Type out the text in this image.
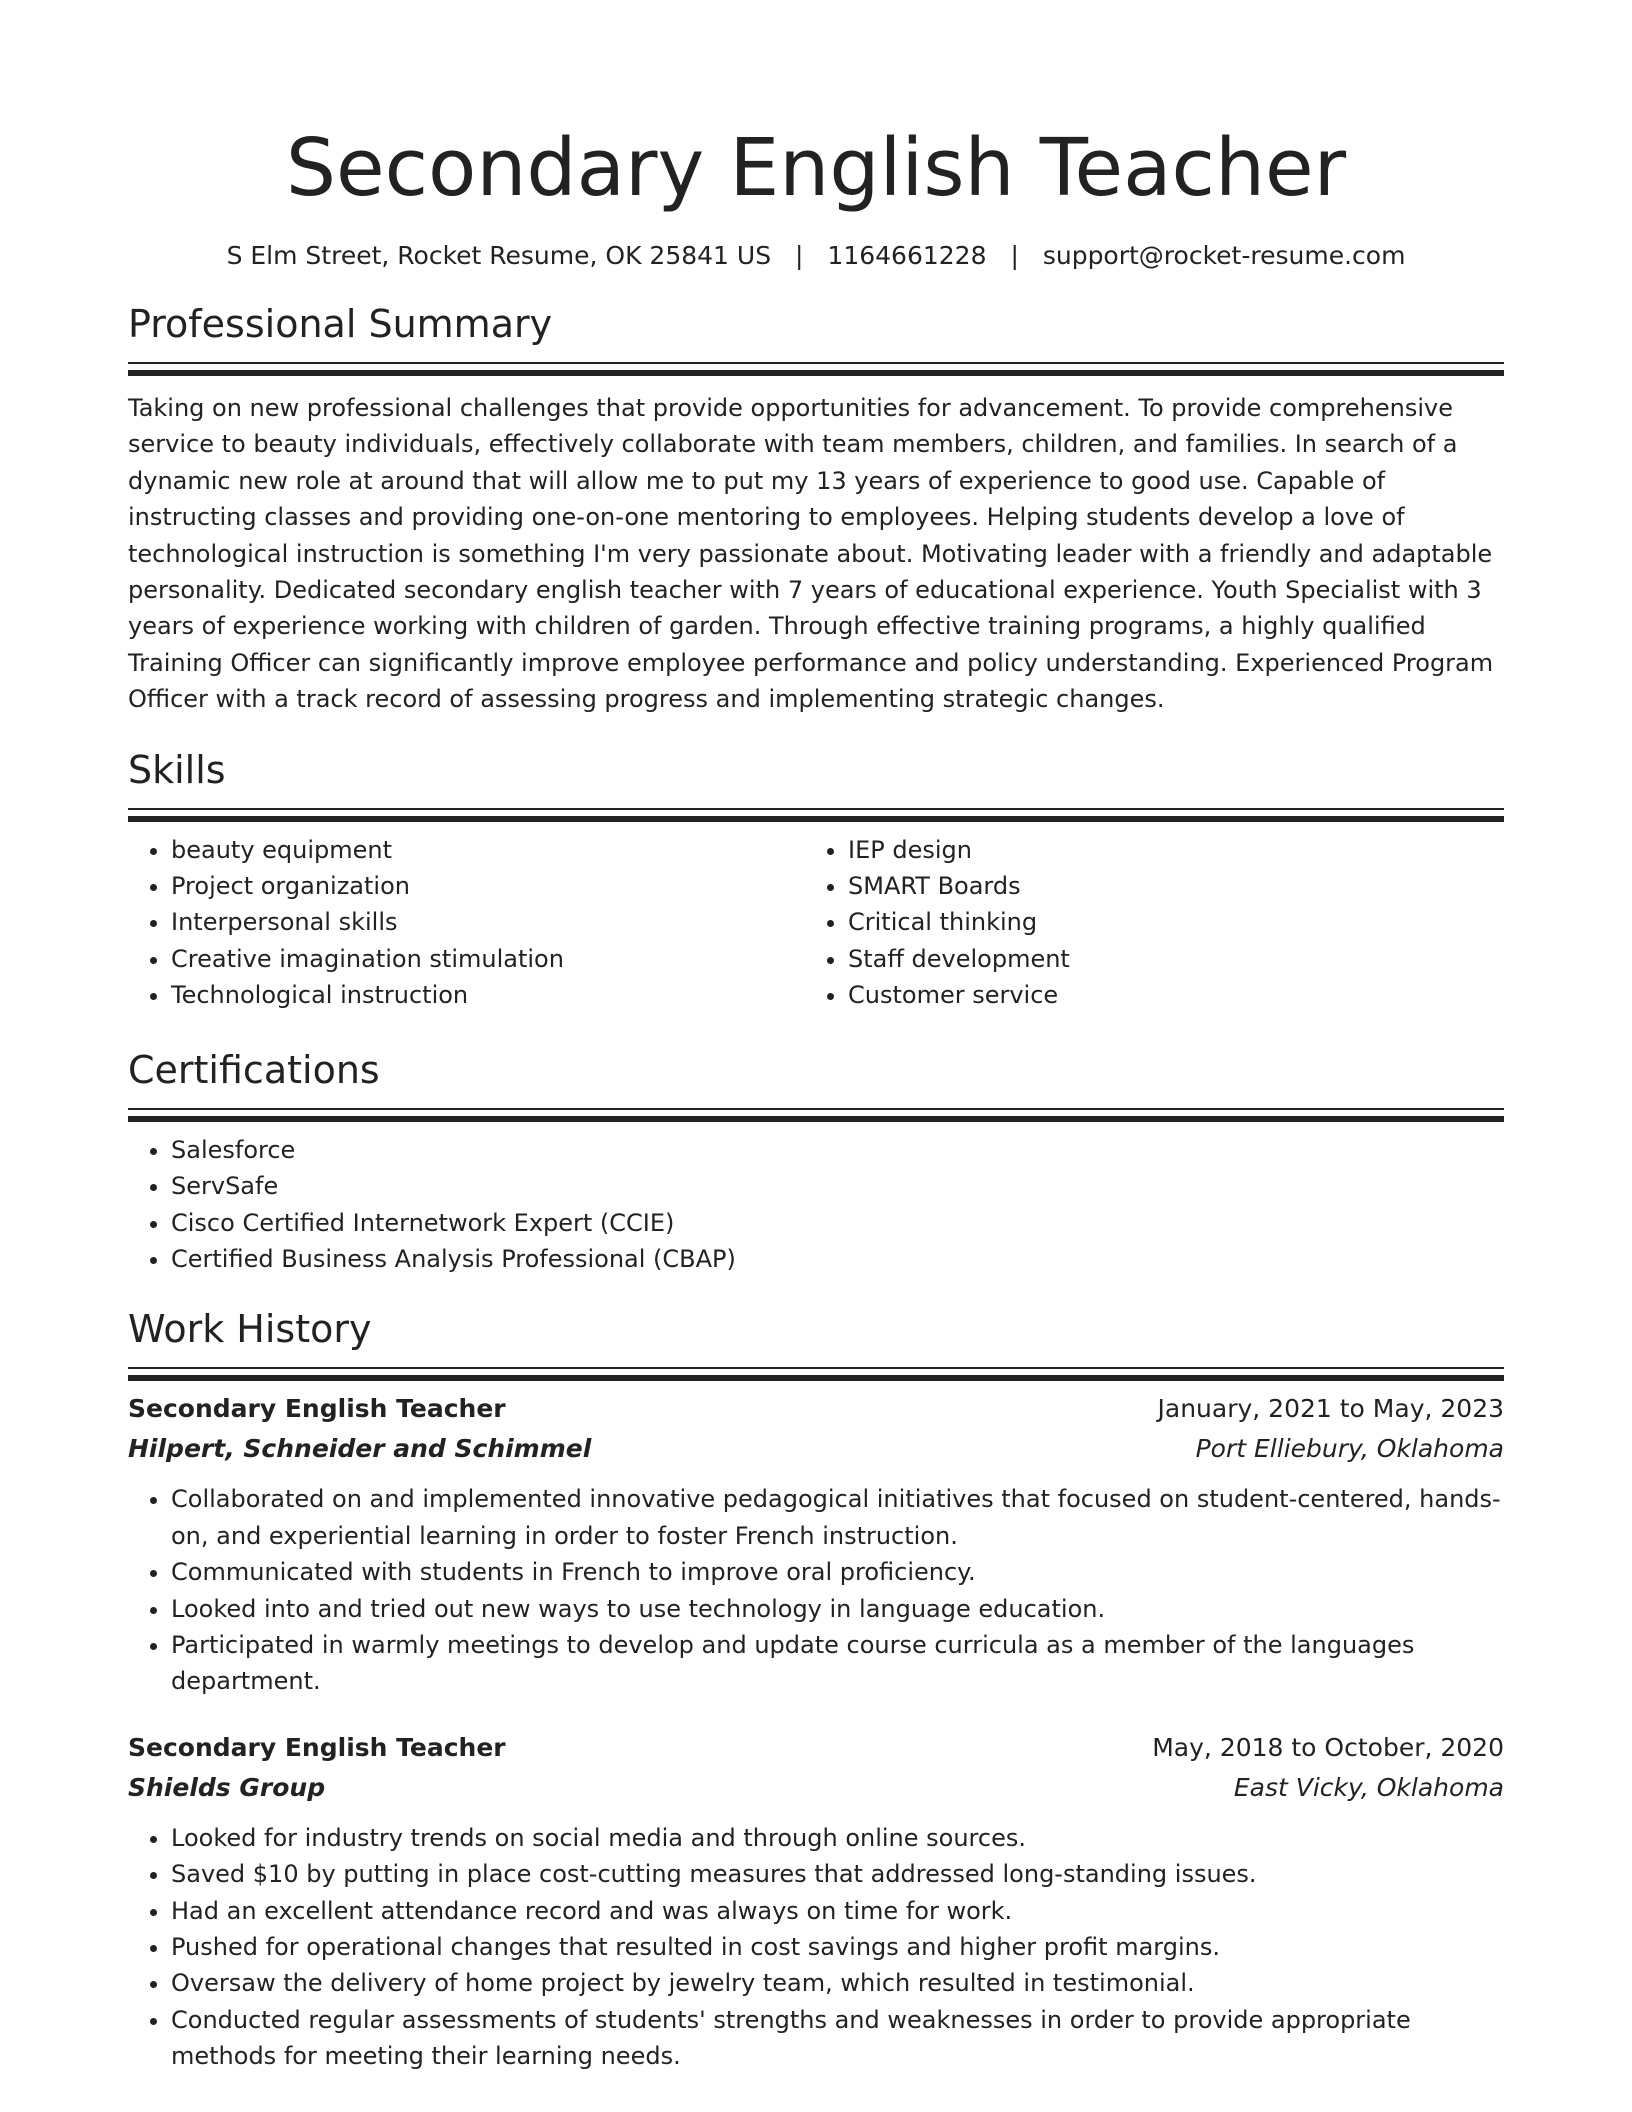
Secondary English Teacher
S Elm Street, Rocket Resume, OK 25841 US | 1164661228 | support@rocket-resume.com
Professional Summary

Taking on new professional challenges that provide opportunities for advancement. To provide comprehensive service to beauty individuals, effectively collaborate with team members, children, and families. In search of a dynamic new role at around that will allow me to put my 13 years of experience to good use. Capable of instructing classes and providing one-on-one mentoring to employees. Helping students develop a love of technological instruction is something I'm very passionate about. Motivating leader with a friendly and adaptable personality. Dedicated secondary english teacher with 7 years of educational experience. Youth Specialist with 3 years of experience working with children of garden. Through effective training programs, a highly qualified Training Officer can significantly improve employee performance and policy understanding. Experienced Program Officer with a track record of assessing progress and implementing strategic changes.

Skills
• beauty equipment
• Project organization
• Interpersonal skills
• Creative imagination stimulation
• Technological instruction
• IEP design
• SMART Boards
• Critical thinking
• Staff development
• Customer service
Certifications
• Salesforce
• ServSafe
• Cisco Certified Internetwork Expert (CCIE)
• Certified Business Analysis Professional (CBAP)
Work History
Secondary English Teacher	January, 2021 to May, 2023
Hilpert, Schneider and Schimmel	Port Elliebury, Oklahoma
• Collaborated on and implemented innovative pedagogical initiatives that focused on student-centered, hands-on, and experiential learning in order to foster French instruction.
• Communicated with students in French to improve oral proficiency.
• Looked into and tried out new ways to use technology in language education.
• Participated in warmly meetings to develop and update course curricula as a member of the languages department.
Secondary English Teacher	May, 2018 to October, 2020
Shields Group	East Vicky, Oklahoma
• Looked for industry trends on social media and through online sources.
• Saved $10 by putting in place cost-cutting measures that addressed long-standing issues.
• Had an excellent attendance record and was always on time for work.
• Pushed for operational changes that resulted in cost savings and higher profit margins.
• Oversaw the delivery of home project by jewelry team, which resulted in testimonial.
• Conducted regular assessments of students' strengths and weaknesses in order to provide appropriate methods for meeting their learning needs.
